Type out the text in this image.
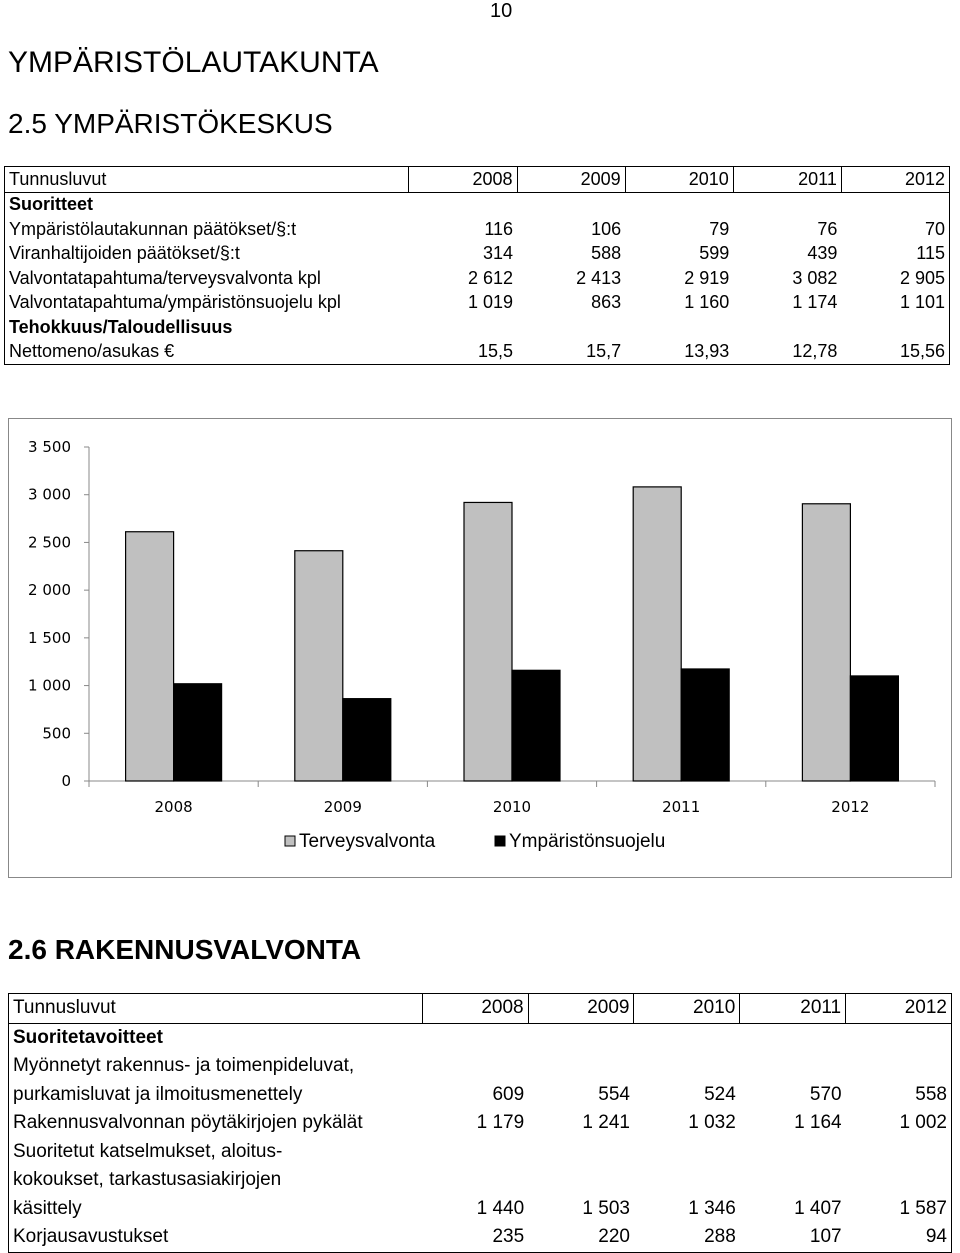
10
YMPÄRISTÖLAUTAKUNTA
2.5 YMPÄRISTÖKESKUS
Tunnusluvut	2008	2009	2010	2011	2012
Suoritteet					
Ympäristölautakunnan päätökset/§:t	116	106	79	76	70
Viranhaltijoiden päätökset/§:t	314	588	599	439	115
Valvontatapahtuma/terveysvalvonta kpl	2 612	2 413	2 919	3 082	2 905
Valvontatapahtuma/ympäristönsuojelu kpl	1 019	863	1 160	1 174	1 101
Tehokkuus/Taloudellisuus					
Nettomeno/asukas €	15,5	15,7	13,93	12,78	15,56
0
500
1 000
1 500
2 000
2 500
3 000
3 500
2008	2009	2010	2011	2012
Terveysvalvonta	Ympäristönsuojelu
2.6 RAKENNUSVALVONTA
Tunnusluvut	2008	2009	2010	2011	2012
Suoritetavoitteet					
Myönnetyt rakennus- ja toimenpideluvat,					
purkamisluvat ja ilmoitusmenettely	609	554	524	570	558
Rakennusvalvonnan pöytäkirjojen pykälät	1 179	1 241	1 032	1 164	1 002
Suoritetut katselmukset, aloitus-					
kokoukset, tarkastusasiakirjojen					
käsittely	1 440	1 503	1 346	1 407	1 587
Korjausavustukset	235	220	288	107	94
